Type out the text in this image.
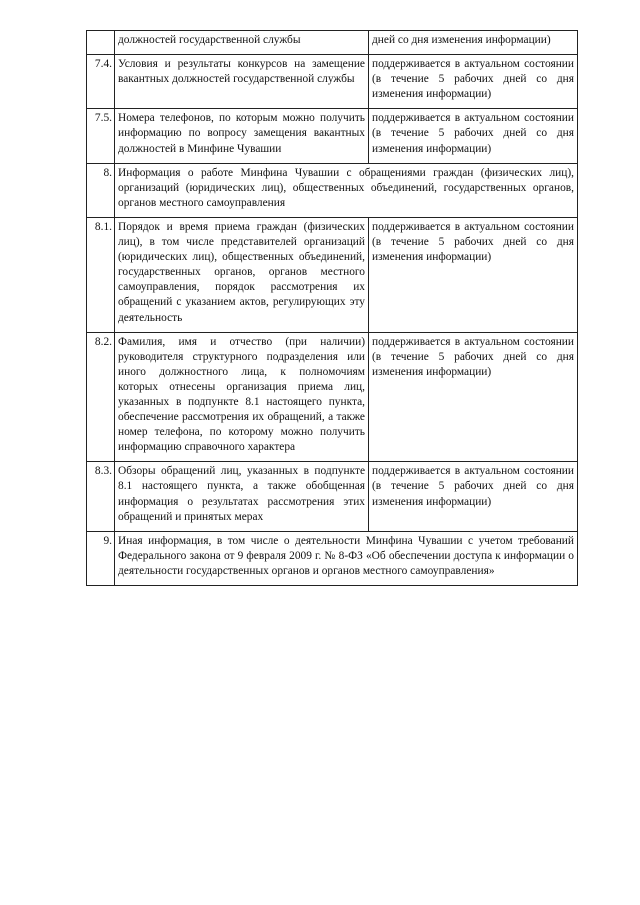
	должностей государственной службы	дней со дня изменения информации)
7.4.	Условия и результаты конкурсов на замещение вакантных должностей государственной службы	поддерживается в актуальном состоянии (в течение 5 рабочих дней со дня изменения информации)
7.5.	Номера телефонов, по которым можно получить информацию по вопросу замещения вакантных должностей в Минфине Чувашии	поддерживается в актуальном состоянии (в течение 5 рабочих дней со дня изменения информации)
8.	Информация о работе Минфина Чувашии с обращениями граждан (физических лиц), организаций (юридических лиц), общественных объединений, государственных органов, органов местного самоуправления	
8.1.	Порядок и время приема граждан (физических лиц), в том числе представителей организаций (юридических лиц), общественных объединений, государственных органов, органов местного самоуправления, порядок рассмотрения их обращений с указанием актов, регулирующих эту деятельность	поддерживается в актуальном состоянии (в течение 5 рабочих дней со дня изменения информации)
8.2.	Фамилия, имя и отчество (при наличии) руководителя структурного подразделения или иного должностного лица, к полномочиям которых отнесены организация приема лиц, указанных в подпункте 8.1 настоящего пункта, обеспечение рассмотрения их обращений, а также номер телефона, по которому можно получить информацию справочного характера	поддерживается в актуальном состоянии (в течение 5 рабочих дней со дня изменения информации)
8.3.	Обзоры обращений лиц, указанных в подпункте 8.1 настоящего пункта, а также обобщенная информация о результатах рассмотрения этих обращений и принятых мерах	поддерживается в актуальном состоянии (в течение 5 рабочих дней со дня изменения информации)
9.	Иная информация, в том числе о деятельности Минфина Чувашии с учетом требований Федерального закона от 9 февраля 2009 г. № 8-ФЗ «Об обеспечении доступа к информации о деятельности государственных органов и органов местного самоуправления»	
